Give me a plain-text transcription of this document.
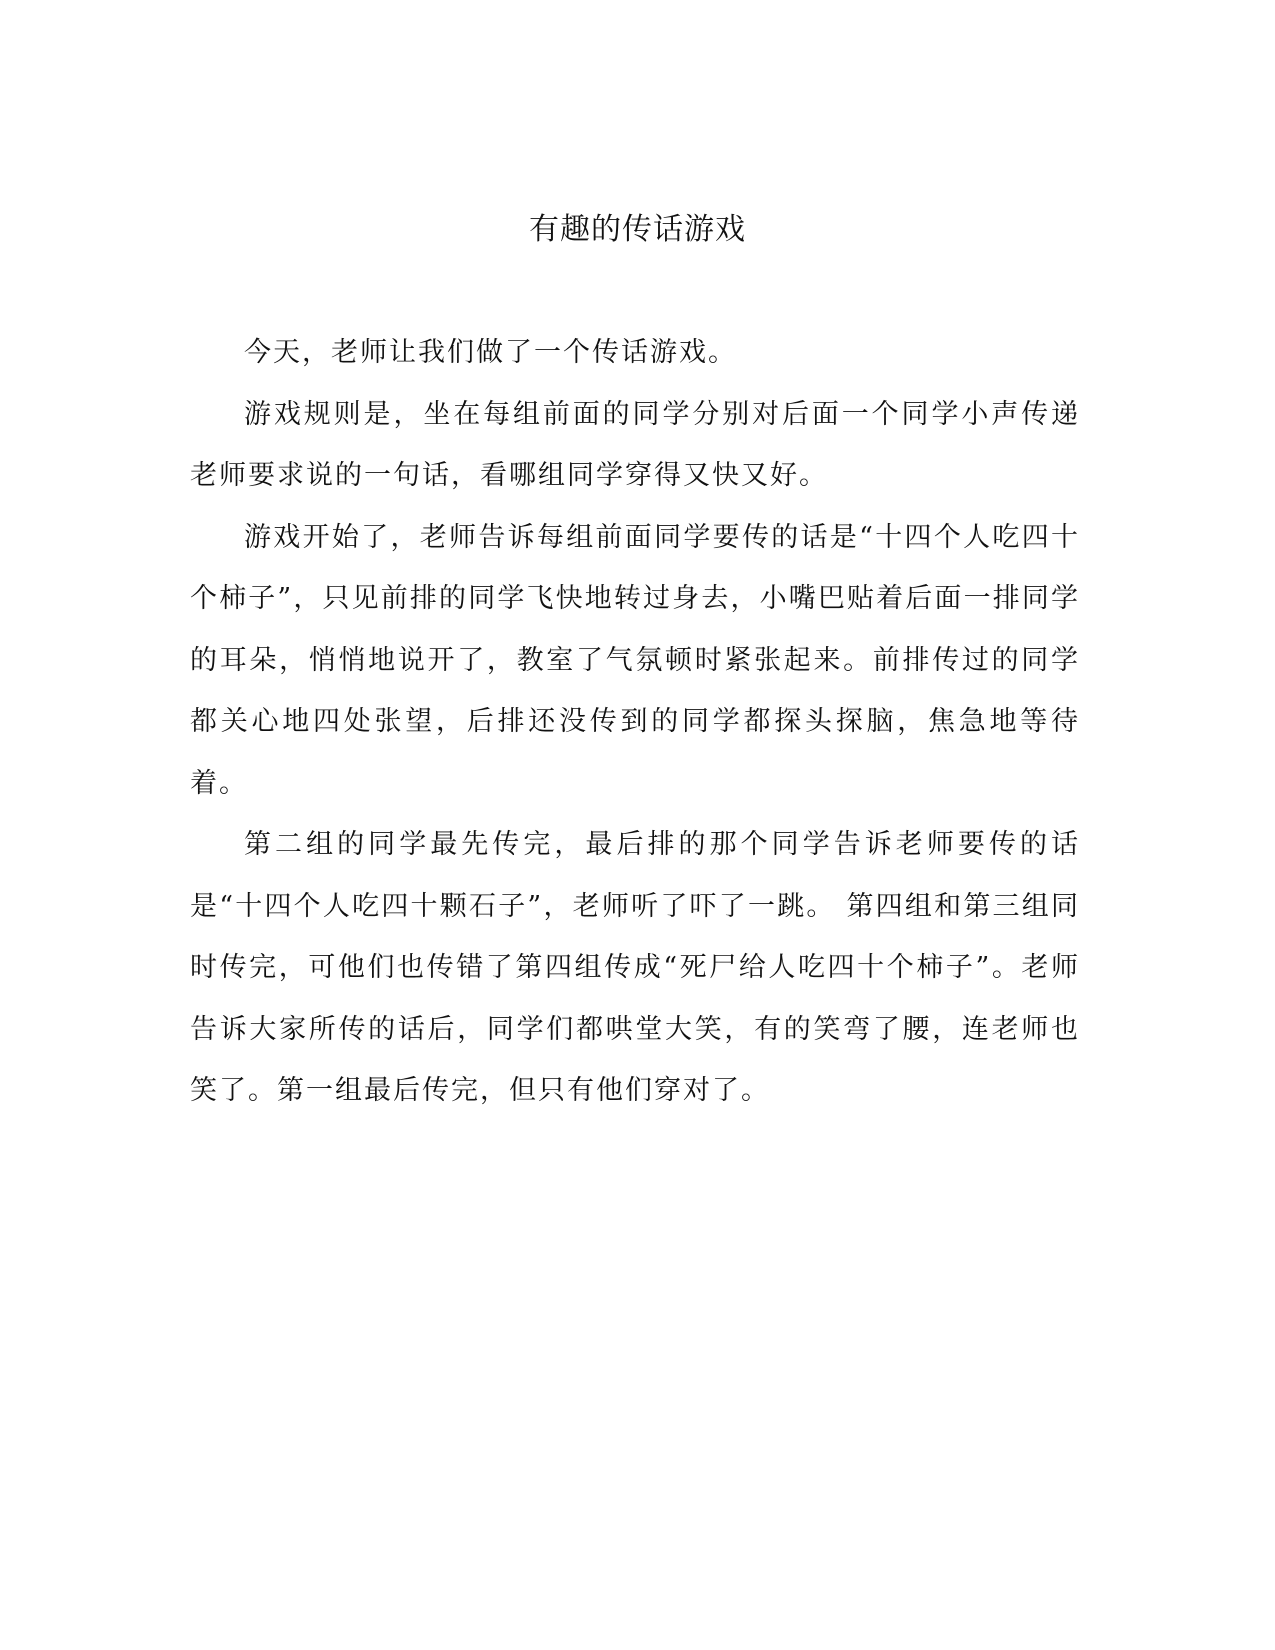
有趣的传话游戏

今天，老师让我们做了一个传话游戏。

游戏规则是，坐在每组前面的同学分别对后面一个同学小声传递老师要求说的一句话，看哪组同学穿得又快又好。

游戏开始了，老师告诉每组前面同学要传的话是“十四个人吃四十个柿子”，只见前排的同学飞快地转过身去，小嘴巴贴着后面一排同学的耳朵，悄悄地说开了，教室了气氛顿时紧张起来。前排传过的同学都关心地四处张望，后排还没传到的同学都探头探脑，焦急地等待着。

第二组的同学最先传完，最后排的那个同学告诉老师要传的话是“十四个人吃四十颗石子”，老师听了吓了一跳。 第四组和第三组同时传完，可他们也传错了第四组传成“死尸给人吃四十个柿子”。老师告诉大家所传的话后，同学们都哄堂大笑，有的笑弯了腰，连老师也笑了。第一组最后传完，但只有他们穿对了。
